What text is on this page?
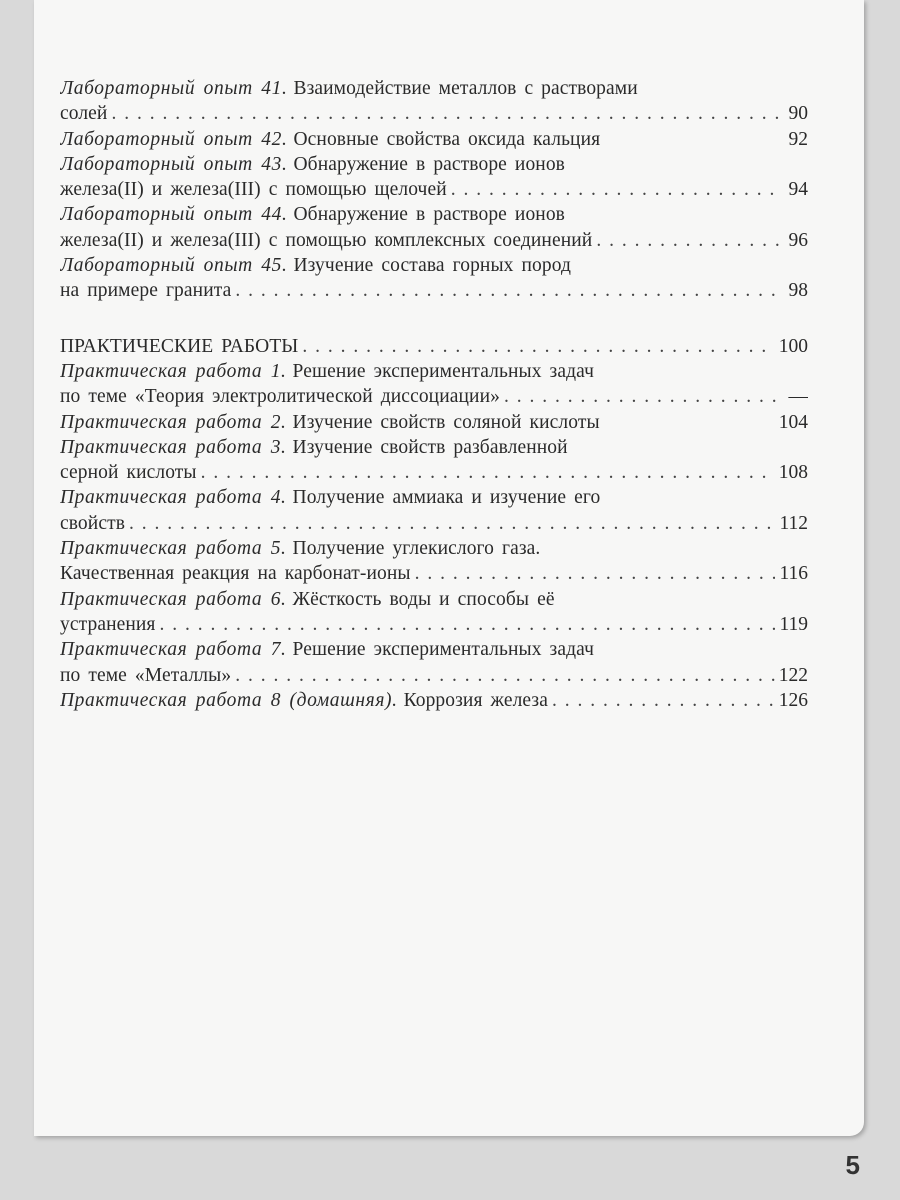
Лабораторный опыт 41. Взаимодействие металлов с растворами
солей . . .	90
Лабораторный опыт 42. Основные свойства оксида кальция	92
Лабораторный опыт 43. Обнаружение в растворе ионов
железа(II) и железа(III) с помощью щелочей . . .	94
Лабораторный опыт 44. Обнаружение в растворе ионов
железа(II) и железа(III) с помощью комплексных соединений . . .	96
Лабораторный опыт 45. Изучение состава горных пород
на примере гранита . . .	98
ПРАКТИЧЕСКИЕ РАБОТЫ . . .	100
Практическая работа 1. Решение экспериментальных задач
по теме «Теория электролитической диссоциации» . . .	—
Практическая работа 2. Изучение свойств соляной кислоты	104
Практическая работа 3. Изучение свойств разбавленной
серной кислоты . . .	108
Практическая работа 4. Получение аммиака и изучение его
свойств . . .	112
Практическая работа 5. Получение углекислого газа.
Качественная реакция на карбонат-ионы . . .	116
Практическая работа 6. Жёсткость воды и способы её
устранения . . .	119
Практическая работа 7. Решение экспериментальных задач
по теме «Металлы» . . .	122
Практическая работа 8 (домашняя). Коррозия железа . . .	126
5
